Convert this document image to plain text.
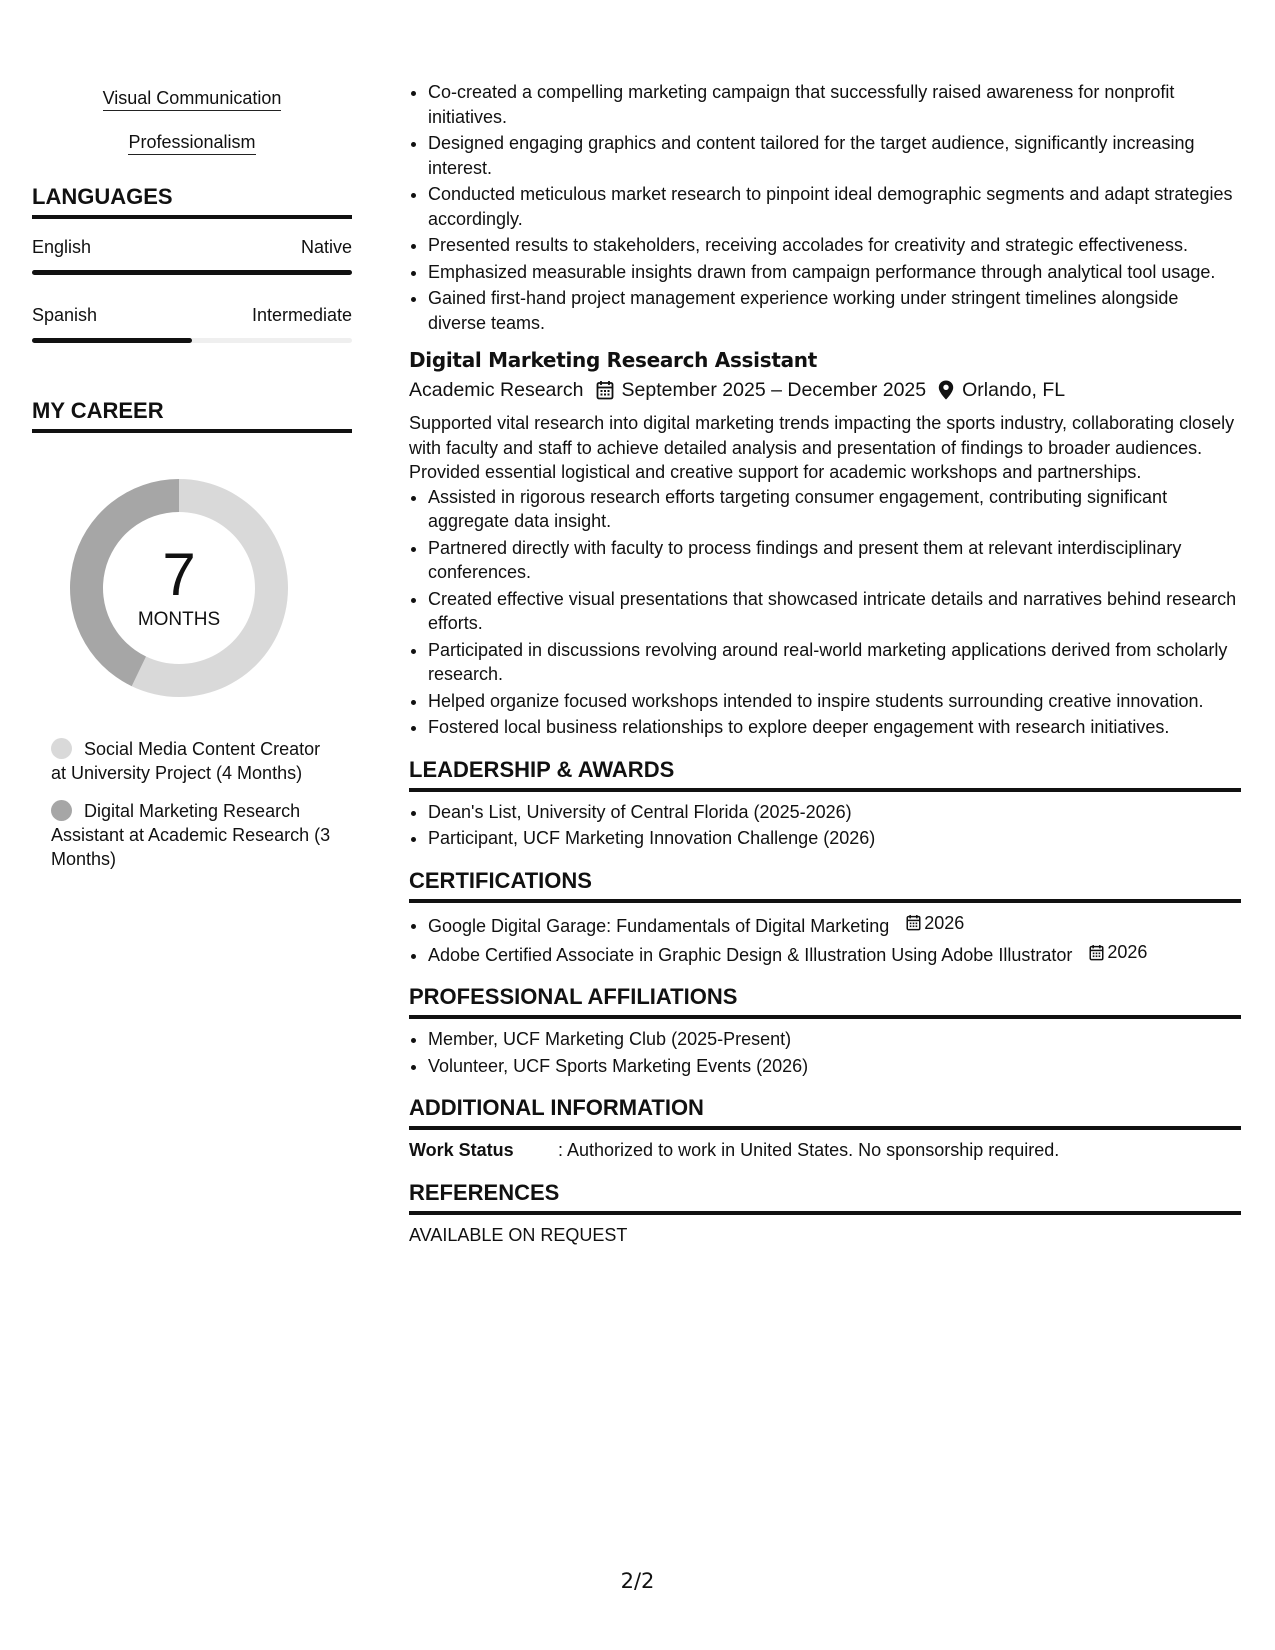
Visual Communication
Professionalism
LANGUAGES
English	Native
Spanish	Intermediate
MY CAREER
7
MONTHS
Social Media Content Creator at University Project (4 Months)
Digital Marketing Research Assistant at Academic Research (3 Months)
• Co-created a compelling marketing campaign that successfully raised awareness for nonprofit initiatives.
• Designed engaging graphics and content tailored for the target audience, significantly increasing interest.
• Conducted meticulous market research to pinpoint ideal demographic segments and adapt strategies accordingly.
• Presented results to stakeholders, receiving accolades for creativity and strategic effectiveness.
• Emphasized measurable insights drawn from campaign performance through analytical tool usage.
• Gained first-hand project management experience working under stringent timelines alongside diverse teams.
Digital Marketing Research Assistant
Academic Research September 2025 – December 2025 Orlando, FL
Supported vital research into digital marketing trends impacting the sports industry, collaborating closely with faculty and staff to achieve detailed analysis and presentation of findings to broader audiences. Provided essential logistical and creative support for academic workshops and partnerships.
• Assisted in rigorous research efforts targeting consumer engagement, contributing significant aggregate data insight.
• Partnered directly with faculty to process findings and present them at relevant interdisciplinary conferences.
• Created effective visual presentations that showcased intricate details and narratives behind research efforts.
• Participated in discussions revolving around real-world marketing applications derived from scholarly research.
• Helped organize focused workshops intended to inspire students surrounding creative innovation.
• Fostered local business relationships to explore deeper engagement with research initiatives.
LEADERSHIP & AWARDS
• Dean's List, University of Central Florida (2025-2026)
• Participant, UCF Marketing Innovation Challenge (2026)
CERTIFICATIONS
• Google Digital Garage: Fundamentals of Digital Marketing 2026
• Adobe Certified Associate in Graphic Design & Illustration Using Adobe Illustrator 2026
PROFESSIONAL AFFILIATIONS
• Member, UCF Marketing Club (2025-Present)
• Volunteer, UCF Sports Marketing Events (2026)
ADDITIONAL INFORMATION
Work Status	: Authorized to work in United States. No sponsorship required.
REFERENCES
AVAILABLE ON REQUEST
2/2
